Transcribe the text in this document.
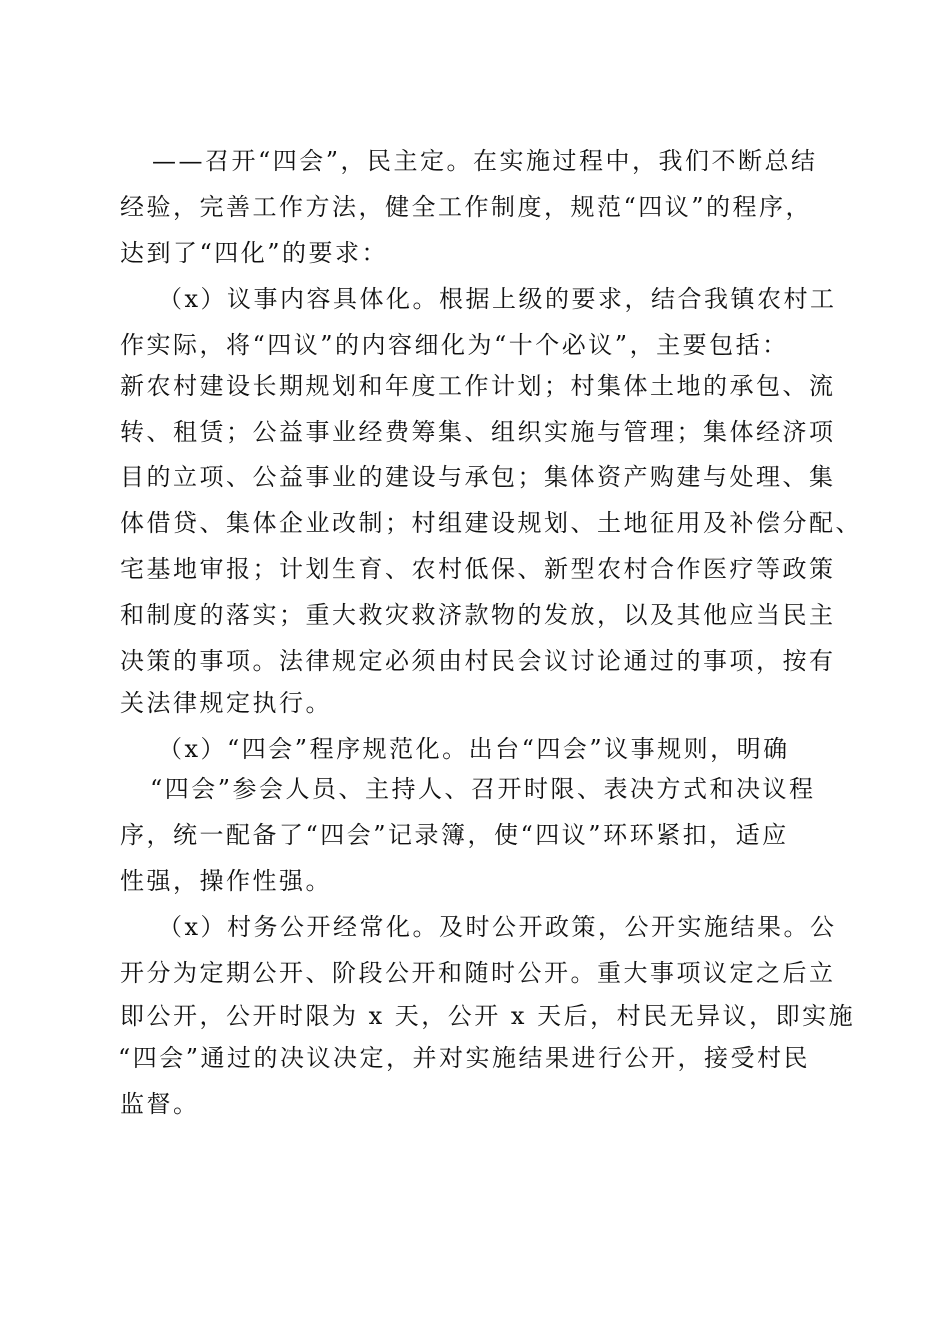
——召开“四会”，民主定。在实施过程中，我们不断总结
经验，完善工作方法，健全工作制度，规范“四议”的程序，
达到了“四化”的要求：
（x）议事内容具体化。根据上级的要求，结合我镇农村工
作实际，将“四议”的内容细化为“十个必议”，主要包括：
新农村建设长期规划和年度工作计划；村集体土地的承包、流
转、租赁；公益事业经费筹集、组织实施与管理；集体经济项
目的立项、公益事业的建设与承包；集体资产购建与处理、集
体借贷、集体企业改制；村组建设规划、土地征用及补偿分配、
宅基地审报；计划生育、农村低保、新型农村合作医疗等政策
和制度的落实；重大救灾救济款物的发放，以及其他应当民主
决策的事项。法律规定必须由村民会议讨论通过的事项，按有
关法律规定执行。
（x）“四会”程序规范化。出台“四会”议事规则，明确
“四会”参会人员、主持人、召开时限、表决方式和决议程
序，统一配备了“四会”记录簿，使“四议”环环紧扣，适应
性强，操作性强。
（x）村务公开经常化。及时公开政策，公开实施结果。公
开分为定期公开、阶段公开和随时公开。重大事项议定之后立
即公开，公开时限为 x 天，公开 x 天后，村民无异议，即实施
“四会”通过的决议决定，并对实施结果进行公开，接受村民
监督。
